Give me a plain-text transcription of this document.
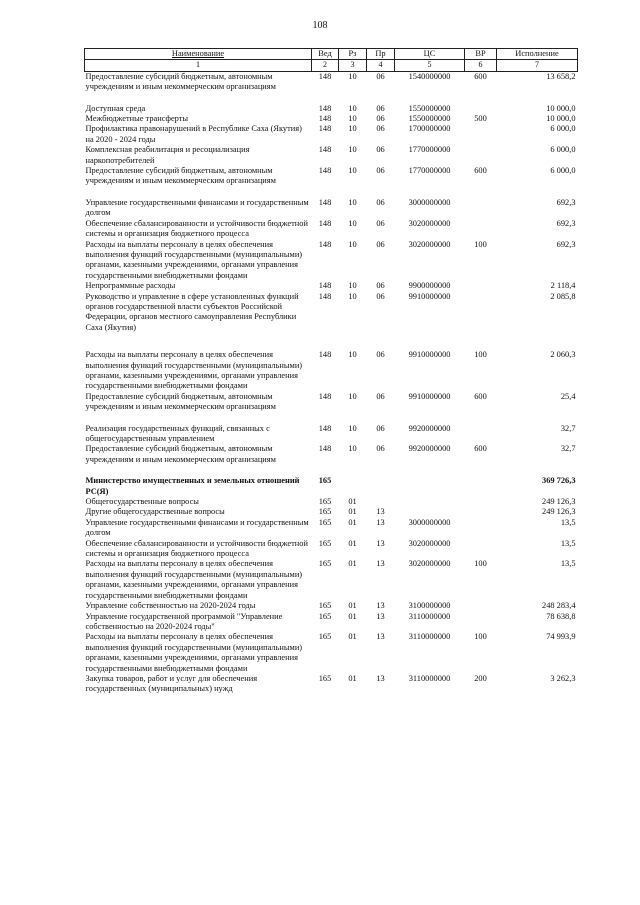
108
Наименование	Вед	Рз	Пр	ЦС	ВР	Исполнение
1	2	3	4	5	6	7
Предоставление субсидий бюджетным, автономным учреждениям и иным некоммерческим организациям	148	10	06	1540000000	600	13 658,2
Доступная среда	148	10	06	1550000000		10 000,0
Межбюджетные трансферты	148	10	06	1550000000	500	10 000,0
Профилактика правонарушений в Республике Саха (Якутия) на 2020 - 2024 годы	148	10	06	1700000000		6 000,0
Комплексная реабилитация и ресоциализация наркопотребителей	148	10	06	1770000000		6 000,0
Предоставление субсидий бюджетным, автономным учреждениям и иным некоммерческим организациям	148	10	06	1770000000	600	6 000,0
Управление государственными финансами и государственным долгом	148	10	06	3000000000		692,3
Обеспечение сбалансированности и устойчивости бюджетной системы и организация бюджетного процесса	148	10	06	3020000000		692,3
Расходы на выплаты персоналу в целях обеспечения выполнения функций государственными (муниципальными) органами, казенными учреждениями, органами управления государственными внебюджетными фондами	148	10	06	3020000000	100	692,3
Непрограммные расходы	148	10	06	9900000000		2 118,4
Руководство и управление в сфере установленных функций органов государственной власти субъектов Российской Федерации, органов местного самоуправления Республики Саха (Якутия)	148	10	06	9910000000		2 085,8
Расходы на выплаты персоналу в целях обеспечения выполнения функций государственными (муниципальными) органами, казенными учреждениями, органами управления государственными внебюджетными фондами	148	10	06	9910000000	100	2 060,3
Предоставление субсидий бюджетным, автономным учреждениям и иным некоммерческим организациям	148	10	06	9910000000	600	25,4
Реализация государственных функций, связанных с общегосударственным управлением	148	10	06	9920000000		32,7
Предоставление субсидий бюджетным, автономным учреждениям и иным некоммерческим организациям	148	10	06	9920000000	600	32,7
Министерство имущественных и земельных отношений РС(Я)	165					369 726,3
Общегосударственные вопросы	165	01				249 126,3
Другие общегосударственные вопросы	165	01	13			249 126,3
Управление государственными финансами и государственным долгом	165	01	13	3000000000		13,5
Обеспечение сбалансированности и устойчивости бюджетной системы и организация бюджетного процесса	165	01	13	3020000000		13,5
Расходы на выплаты персоналу в целях обеспечения выполнения функций государственными (муниципальными) органами, казенными учреждениями, органами управления государственными внебюджетными фондами	165	01	13	3020000000	100	13,5
Управление собственностью на 2020-2024 годы	165	01	13	3100000000		248 283,4
Управление государственной программой "Управление собственностью на 2020-2024 годы"	165	01	13	3110000000		78 638,8
Расходы на выплаты персоналу в целях обеспечения выполнения функций государственными (муниципальными) органами, казенными учреждениями, органами управления государственными внебюджетными фондами	165	01	13	3110000000	100	74 993,9
Закупка товаров, работ и услуг для обеспечения государственных (муниципальных) нужд	165	01	13	3110000000	200	3 262,3
